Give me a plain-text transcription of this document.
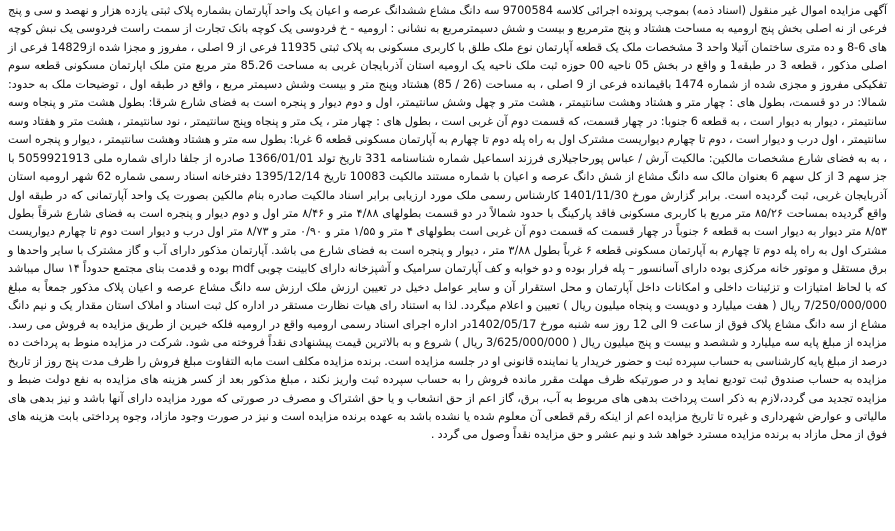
آگهی مزایده اموال غیر منقول (اسناد ذمه) بموجب پرونده اجرائی کلاسه 9700584 سه دانگ مشاع ششدانگ عرصه و اعیان یک واحد آپارتمان بشماره پلاک ثبتی یازده هزار و نهصد و سی و پنج فرعی از نه اصلی بخش پنج ارومیه به مساحت هشتاد و پنج مترمربع و بیست و شش دسیمترمربع به نشانی : ارومیه - خ فردوسی یک کوچه بانک تجارت از سمت راست فردوسی یک نبش کوچه های 6-8 و ده متری ساختمان آتیلا واحد 3 مشخصات ملک یک قطعه آپارتمان نوع ملک طلق با کاربری مسکونی به پلاک ثبتی 11935 فرعی از 9 اصلی ، مفروز و مجزا شده از14829 فرعی از اصلی مذکور ، قطعه 3 در طبقه1 و واقع در بخش 05 ناحیه 00 حوزه ثبت ملک ناحیه یک ارومیه استان آذربایجان غربی به مساحت 85.26 متر مربع متن ملک اپارتمان مسکونی قطعه سوم تفکیکی مفروز و مجزی شده از شماره 1474 باقیمانده فرعی از 9 اصلی ، به مساحت (26 / 85) هشتاد وپنج متر و بیست وشش دسیمتر مربع ، واقع در طبقه اول ، توضیحات ملک به حدود: شمالا: در دو قسمت، بطول های : چهار متر و هشتاد وهشت سانتیمتر ، هشت متر و چهل وشش سانتیمتر، اول و دوم دیوار و پنجره است به فضای شارع شرقا: بطول هشت متر و پنجاه وسه سانتیمتر ، دیوار به دیوار است ، به قطعه 6 جنوبا: در چهار قسمت، که قسمت دوم آن غربی است ، بطول های : چهار متر ، یک متر و پنجاه وپنج سانتیمتر ، نود سانتیمتر ، هشت متر و هفتاد وسه سانتیمتر ، اول درب و دیوار است ، دوم تا چهارم دیواریست مشترک اول به راه پله دوم تا چهارم به آپارتمان مسکونی قطعه 6 غربا: بطول سه متر و هشتاد وهشت سانتیمتر ، دیوار و پنجره است ، به به فضای شارع مشخصات مالکین: مالکیت آرش / عباس پورحاجیلاری فرزند اسماعیل شماره شناسنامه 331 تاریخ تولد 1366/01/01 صادره از جلفا دارای شماره ملی 5059921913 با جز سهم 3 از کل سهم 6 بعنوان مالک سه دانگ مشاع از شش دانگ عرصه و اعیان با شماره مستند مالکیت 10083 تاریخ 1395/12/14 دفترخانه اسناد رسمی شماره 62 شهر ارومیه استان آذربایجان غربی، ثبت گردیده است. برابر گزارش مورخ 1401/11/30 کارشناس رسمی ملک مورد ارزیابی برابر اسناد مالکیت صادره بنام مالکین بصورت یک واحد آپارتمانی که در طبقه اول واقع گردیده بمساحت ۸۵/۲۶ متر مربع با کاربری مسکونی فاقد پارکینگ با حدود شمالاً در دو قسمت بطولهای ۴/۸۸ متر و ۸/۴۶ متر اول و دوم دیوار و پنجره است به فضای شارع شرقاً بطول ۸/۵۳ متر دیوار به دیوار است به قطعه ۶ جنوباً در چهار قسمت که قسمت دوم آن غربی است بطولهای ۴ متر و ۱/۵۵ متر و ۰/۹۰ متر و ۸/۷۳ متر اول درب و دیوار است دوم تا چهارم دیواریست مشترک اول به راه پله دوم تا چهارم به آپارتمان مسکونی قطعه ۶ غرباً بطول ۳/۸۸ متر ، دیوار و پنجره است به فضای شارع می باشد. آپارتمان مذکور دارای آب و گاز مشترک با سایر واحدها و برق مستقل و موتور خانه مرکزی بوده دارای آسانسور – پله فرار بوده و دو خوابه و کف آپارتمان سرامیک و آشپزخانه دارای کابینت چوبی mdf بوده و قدمت بنای مجتمع حدوداً ۱۴ سال میباشد که با لحاظ امتیازات و تزئینات داخلی و امکانات داخل آپارتمان و محل استقرار آن و سایر عوامل دخیل در تعیین ارزش ملک ارزش سه دانگ مشاع عرصه و اعیان پلاک مذکور جمعاً به مبلغ 7/250/000/000 ریال ( هفت میلیارد و دویست و پنجاه میلیون ریال ) تعیین و اعلام میگردد. لذا به استناد رای هیات نظارت مستقر در اداره کل ثبت اسناد و املاک استان مقدار یک و نیم دانگ مشاع از سه دانگ مشاع پلاک فوق از ساعت 9 الی 12 روز سه شنبه مورخ 1402/05/17در اداره اجرای اسناد رسمی ارومیه واقع در ارومیه فلکه خیرین از طریق مزایده به فروش می رسد. مزایده از مبلغ پایه سه میلیارد و ششصد و بیست و پنج میلیون ریال ( 3/625/000/000 ریال ) شروع و به بالاترین قیمت پیشنهادی نقداً فروخته می شود. شرکت در مزایده منوط به پرداخت ده درصد از مبلغ پایه کارشناسی به حساب سپرده ثبت و حضور خریدار یا نماینده قانونی او در جلسه مزایده است. برنده مزایده مکلف است مابه التفاوت مبلغ فروش را ظرف مدت پنج روز از تاریخ مزایده به حساب صندوق ثبت تودیع نماید و در صورتیکه ظرف مهلت مقرر مانده فروش را به حساب سپرده ثبت واریز نکند ، مبلغ مذکور بعد از کسر هزینه های مزایده به نفع دولت ضبط و مزایده تجدید می گردد،لازم به ذکر است پرداخت بدهی های مربوط به آب، برق، گاز اعم از حق انشعاب و یا حق اشتراک و مصرف در صورتی که مورد مزایده دارای آنها باشد و نیز بدهی های مالیاتی و عوارض شهرداری و غیره تا تاریخ مزایده اعم از اینکه رقم قطعی آن معلوم شده یا نشده باشد به عهده برنده مزایده است و نیز در صورت وجود مازاد، وجوه پرداختی بابت هزینه های فوق از محل مازاد به برنده مزایده مسترد خواهد شد و نیم عشر و حق مزایده نقداً وصول می گردد .
